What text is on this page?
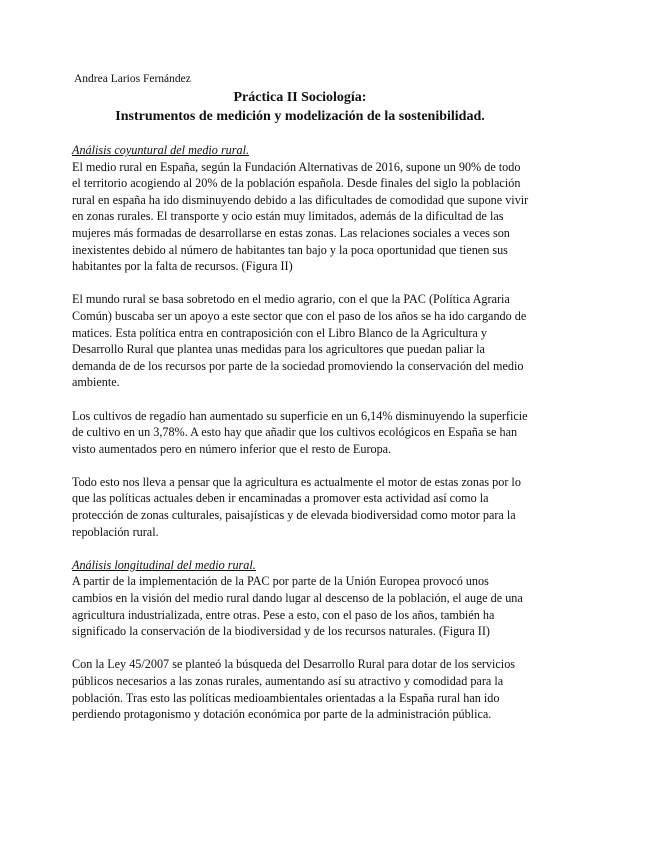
Andrea Larios Fernández
Práctica II Sociología:
Instrumentos de medición y modelización de la sostenibilidad.

Análisis coyuntural del medio rural.

El medio rural en España, según la Fundación Alternativas de 2016, supone un 90% de todo el territorio acogiendo al 20% de la población española. Desde finales del siglo la población rural en españa ha ido disminuyendo debido a las dificultades de comodidad que supone vivir en zonas rurales. El transporte y ocio están muy limitados, además de la dificultad de las mujeres más formadas de desarrollarse en estas zonas. Las relaciones sociales a veces son inexistentes debido al número de habitantes tan bajo y la poca oportunidad que tienen sus habitantes por la falta de recursos. (Figura II)

El mundo rural se basa sobretodo en el medio agrario, con el que la PAC (Política Agraria Común) buscaba ser un apoyo a este sector que con el paso de los años se ha ido cargando de matices. Esta política entra en contraposición con el Libro Blanco de la Agricultura y Desarrollo Rural que plantea unas medidas para los agricultores que puedan paliar la demanda de de los recursos por parte de la sociedad promoviendo la conservación del medio ambiente.

Los cultivos de regadío han aumentado su superficie en un 6,14% disminuyendo la superficie de cultivo en un 3,78%. A esto hay que añadir que los cultivos ecológicos en España se han visto aumentados pero en número inferior que el resto de Europa.

Todo esto nos lleva a pensar que la agricultura es actualmente el motor de estas zonas por lo que las políticas actuales deben ir encaminadas a promover esta actividad así como la protección de zonas culturales, paisajísticas y de elevada biodiversidad como motor para la repoblación rural.

Análisis longitudinal del medio rural.

A partir de la implementación de la PAC por parte de la Unión Europea provocó unos cambios en la visión del medio rural dando lugar al descenso de la población, el auge de una agricultura industrializada, entre otras. Pese a esto, con el paso de los años, también ha significado la conservación de la biodiversidad y de los recursos naturales. (Figura II)

Con la Ley 45/2007 se planteó la búsqueda del Desarrollo Rural para dotar de los servicios públicos necesarios a las zonas rurales, aumentando así su atractivo y comodidad para la población. Tras esto las políticas medioambientales orientadas a la España rural han ido perdiendo protagonismo y dotación económica por parte de la administración pública.
